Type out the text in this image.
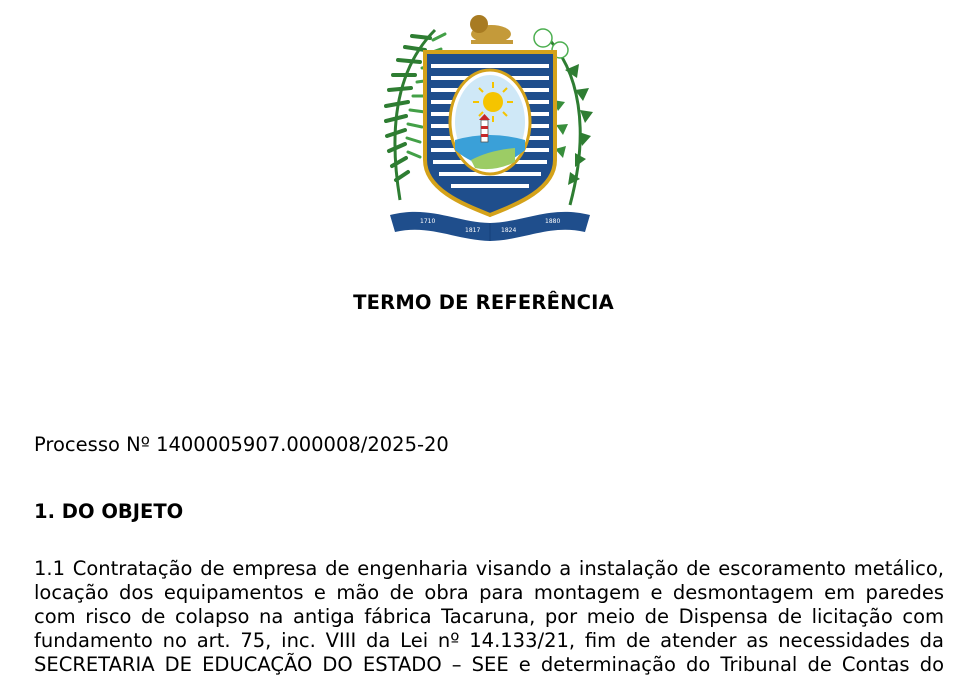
1710
1817	1824
1880
TERMO DE REFERÊNCIA

Processo Nº 1400005907.000008/2025-20

1. DO OBJETO
1.1 Contratação de empresa de engenharia visando a instalação de escoramento metálico,
locação dos equipamentos e mão de obra para montagem e desmontagem em paredes
com risco de colapso na antiga fábrica Tacaruna, por meio de Dispensa de licitação com
fundamento no art. 75, inc. VIII da Lei nº 14.133/21, fim de atender as necessidades da
SECRETARIA DE EDUCAÇÃO DO ESTADO – SEE e determinação do Tribunal de Contas do
